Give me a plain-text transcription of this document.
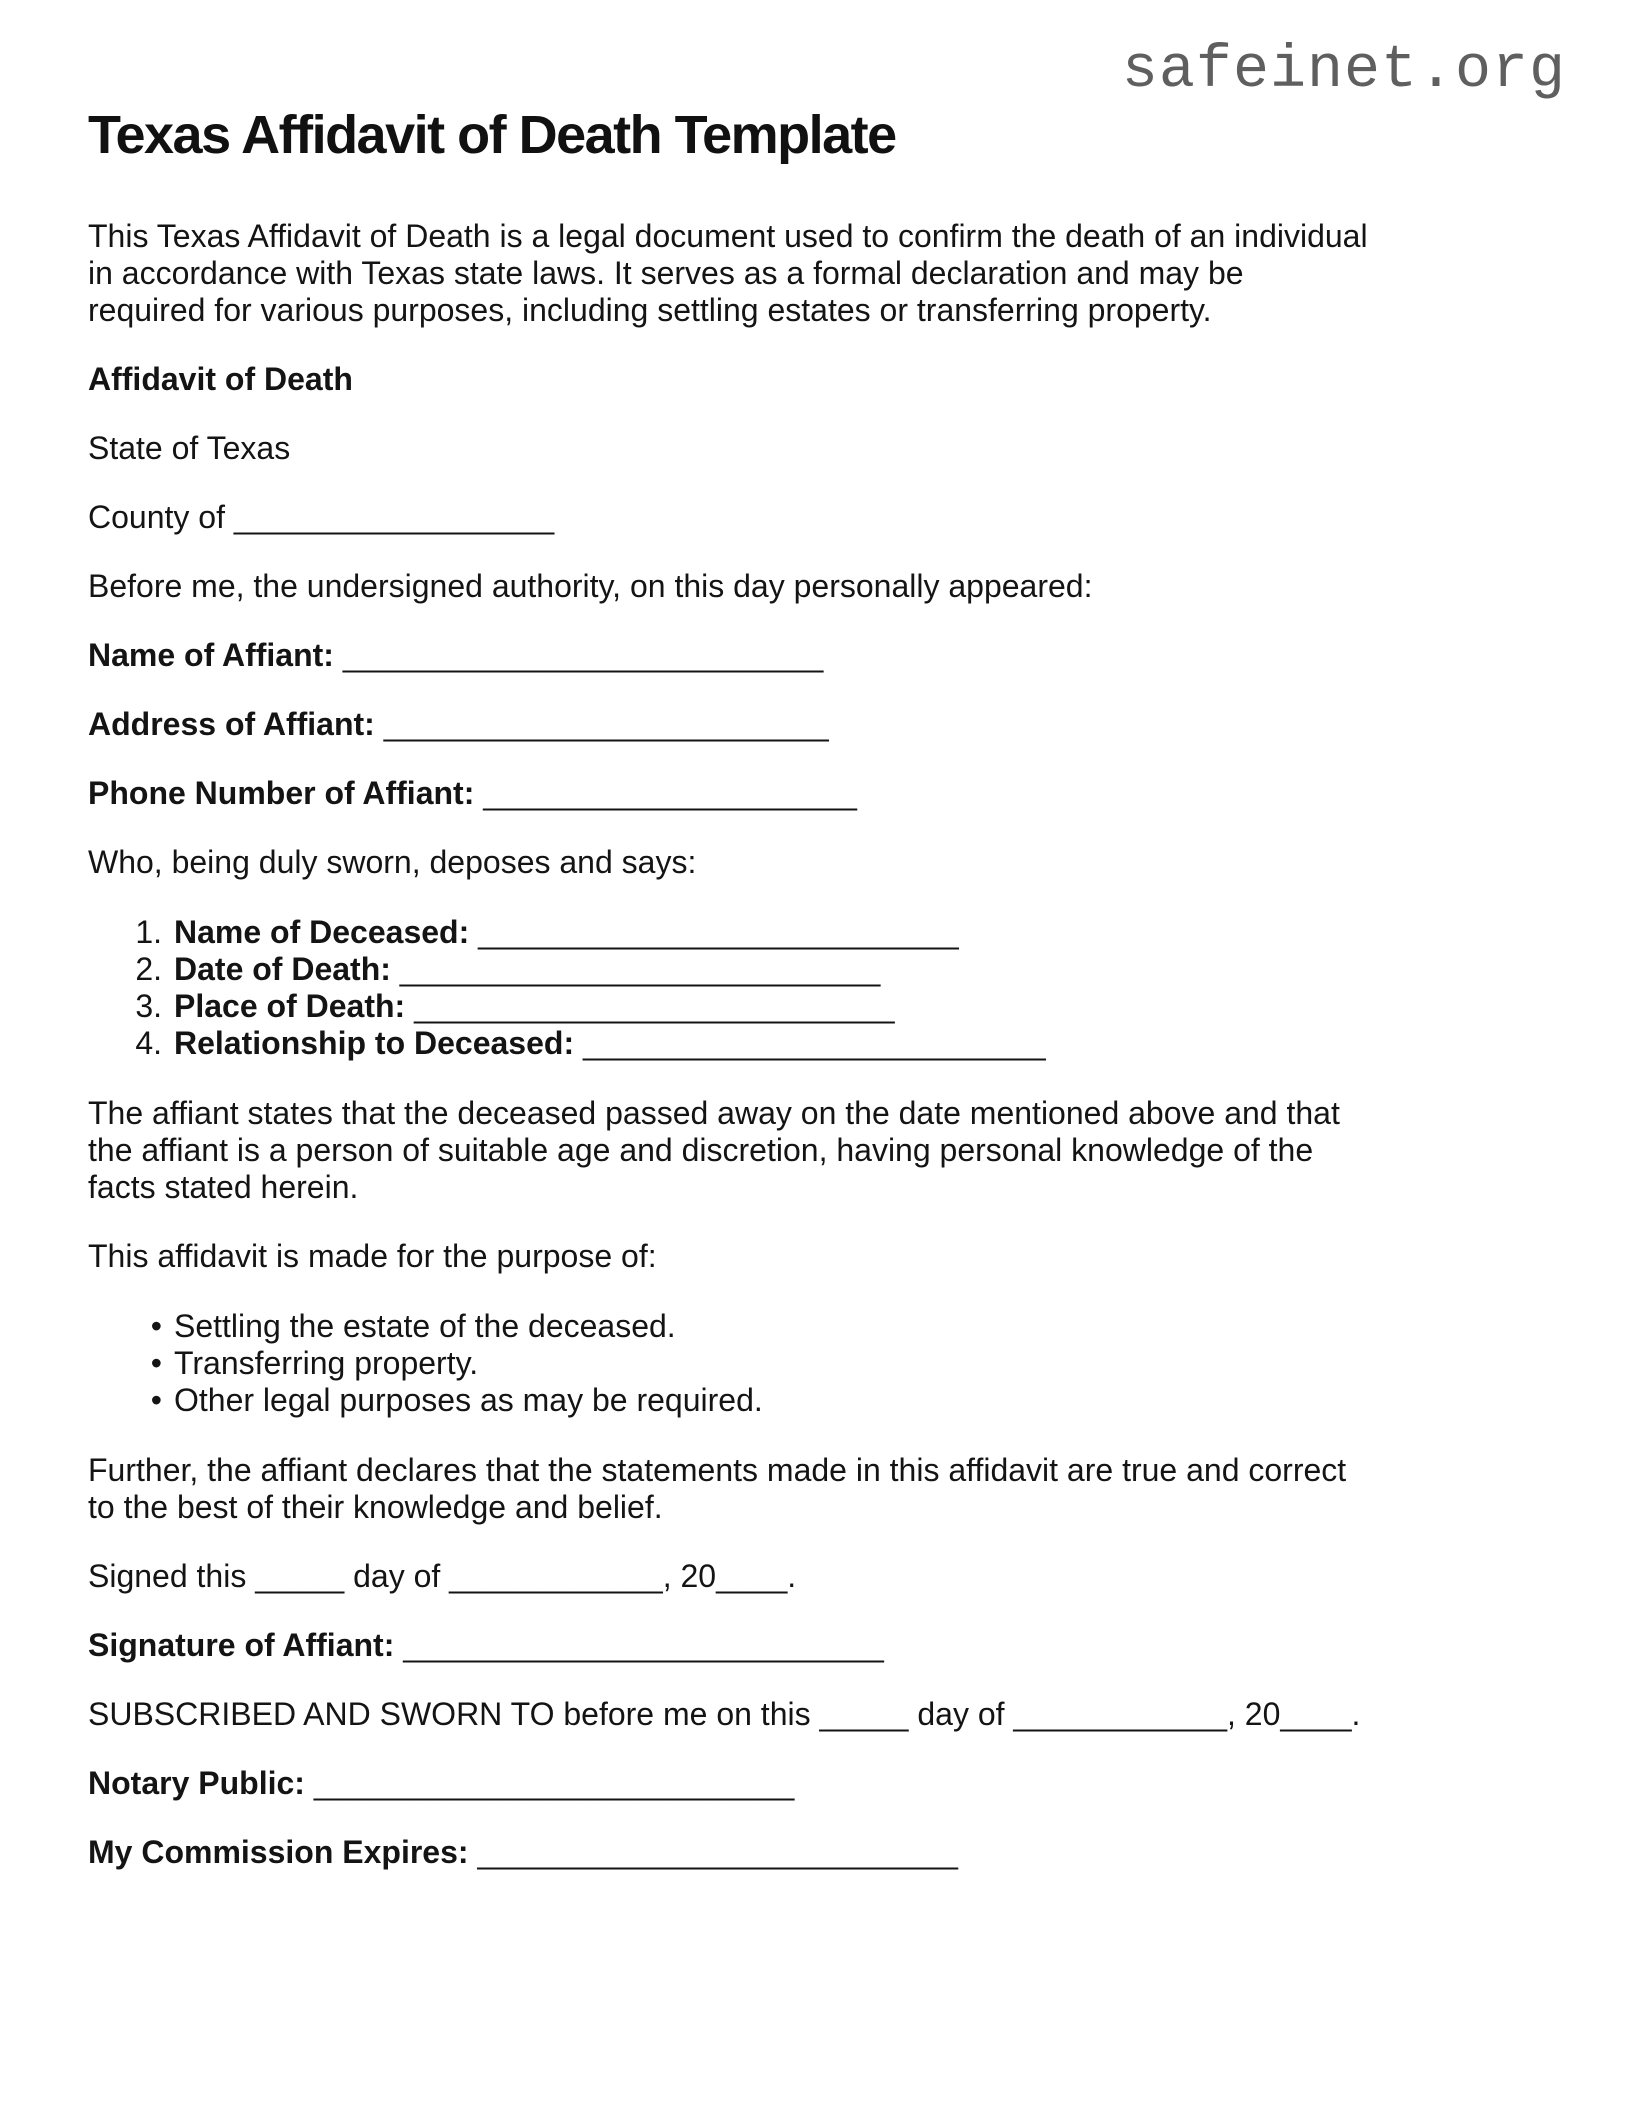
safeinet.org
Texas Affidavit of Death Template
This Texas Affidavit of Death is a legal document used to confirm the death of an individual
in accordance with Texas state laws. It serves as a formal declaration and may be
required for various purposes, including settling estates or transferring property.
Affidavit of Death
State of Texas
County of __________________
Before me, the undersigned authority, on this day personally appeared:
Name of Affiant: ___________________________
Address of Affiant: _________________________
Phone Number of Affiant: _____________________
Who, being duly sworn, deposes and says:
1. Name of Deceased: ___________________________
2. Date of Death: ___________________________
3. Place of Death: ___________________________
4. Relationship to Deceased: __________________________
The affiant states that the deceased passed away on the date mentioned above and that
the affiant is a person of suitable age and discretion, having personal knowledge of the
facts stated herein.
This affidavit is made for the purpose of:
• Settling the estate of the deceased.
• Transferring property.
• Other legal purposes as may be required.
Further, the affiant declares that the statements made in this affidavit are true and correct
to the best of their knowledge and belief.
Signed this _____ day of ____________, 20____.
Signature of Affiant: ___________________________
SUBSCRIBED AND SWORN TO before me on this _____ day of ____________, 20____.
Notary Public: ___________________________
My Commission Expires: ___________________________
